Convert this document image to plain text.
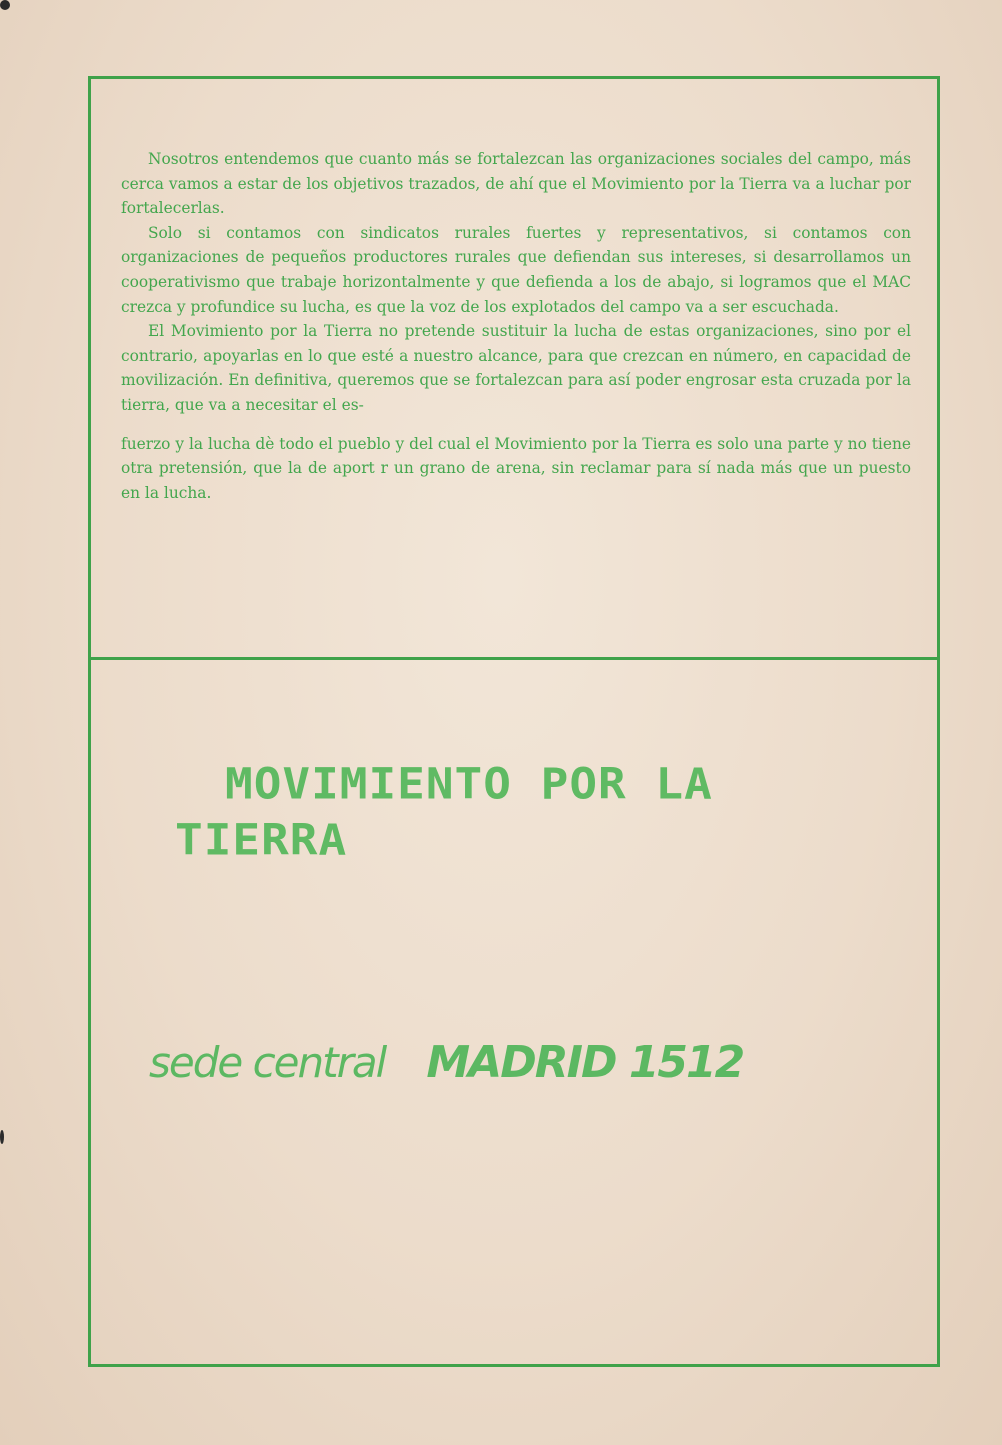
Nosotros entendemos que cuanto más se fortalezcan las organizaciones sociales del campo, más cerca vamos a estar de los objetivos trazados, de ahí que el Movimiento por la Tierra va a luchar por fortalecerlas.

Solo si contamos con sindicatos rurales fuertes y representativos, si contamos con organizaciones de pequeños productores rurales que defiendan sus intereses, si desarrollamos un cooperativismo que trabaje horizontalmente y que defienda a los de abajo, si logramos que el MAC crezca y profundice su lucha, es que la voz de los explotados del campo va a ser escuchada.

El Movimiento por la Tierra no pretende sustituir la lucha de estas organizaciones, sino por el contrario, apoyarlas en lo que esté a nuestro alcance, para que crezcan en número, en capacidad de movilización. En definitiva, queremos que se fortalezcan para así poder engrosar esta cruzada por la tierra, que va a necesitar el es-

fuerzo y la lucha dè todo el pueblo y del cual el Movimiento por la Tierra es solo una parte y no tiene otra pretensión, que la de aport r un grano de arena, sin reclamar para sí nada más que un puesto en la lucha.

MOVIMIENTO POR LA
TIERRA
sede central MADRID 1512
